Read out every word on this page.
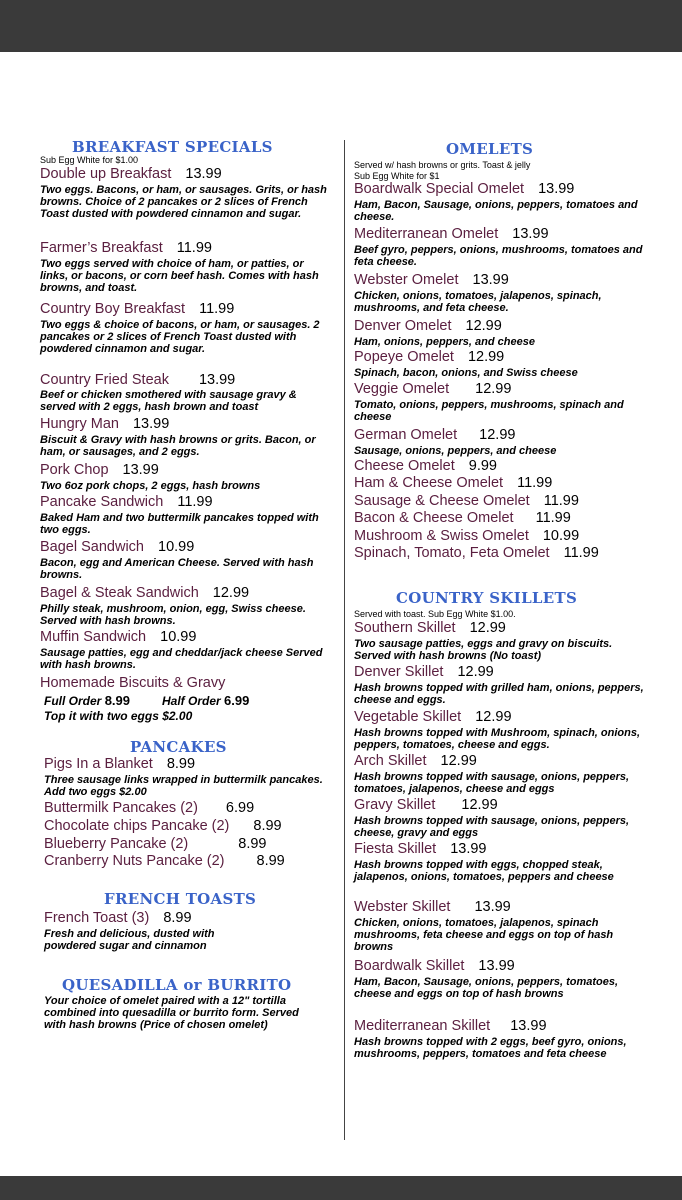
BREAKFAST SPECIALS
Sub Egg White for $1.00
Double up Breakfast 13.99
Two eggs. Bacons, or ham, or sausages. Grits, or hash browns. Choice of 2 pancakes or 2 slices of French Toast dusted with powdered cinnamon and sugar.
Farmer’s Breakfast 11.99
Two eggs served with choice of ham, or patties, or links, or bacons, or corn beef hash. Comes with hash browns, and toast.
Country Boy Breakfast 11.99
Two eggs & choice of bacons, or ham, or sausages. 2 pancakes or 2 slices of French Toast dusted with powdered cinnamon and sugar.
Country Fried Steak 13.99
Beef or chicken smothered with sausage gravy & served with 2 eggs, hash brown and toast
Hungry Man 13.99
Biscuit & Gravy with hash browns or grits. Bacon, or ham, or sausages, and 2 eggs.
Pork Chop 13.99
Two 6oz pork chops, 2 eggs, hash browns
Pancake Sandwich 11.99
Baked Ham and two buttermilk pancakes topped with two eggs.
Bagel Sandwich 10.99
Bacon, egg and American Cheese. Served with hash browns.
Bagel & Steak Sandwich 12.99
Philly steak, mushroom, onion, egg, Swiss cheese. Served with hash browns.
Muffin Sandwich 10.99
Sausage patties, egg and cheddar/jack cheese Served with hash browns.
Homemade Biscuits & Gravy
Full Order 8.99	Half Order 6.99
Top it with two eggs $2.00
PANCAKES
Pigs In a Blanket 8.99
Three sausage links wrapped in buttermilk pancakes. Add two eggs $2.00
Buttermilk Pancakes (2) 6.99
Chocolate chips Pancake (2) 8.99
Blueberry Pancake (2)	8.99
Cranberry Nuts Pancake (2) 8.99
FRENCH TOASTS
French Toast (3) 8.99
Fresh and delicious, dusted with powdered sugar and cinnamon
QUESADILLA or BURRITO
Your choice of omelet paired with a 12" tortilla combined into quesadilla or burrito form. Served with hash browns (Price of chosen omelet)
OMELETS
Served w/ hash browns or grits. Toast & jelly
Sub Egg White for $1
Boardwalk Special Omelet 13.99
Ham, Bacon, Sausage, onions, peppers, tomatoes and cheese.
Mediterranean Omelet 13.99
Beef gyro, peppers, onions, mushrooms, tomatoes and feta cheese.
Webster Omelet 13.99
Chicken, onions, tomatoes, jalapenos, spinach, mushrooms, and feta cheese.
Denver Omelet 12.99
Ham, onions, peppers, and cheese
Popeye Omelet 12.99
Spinach, bacon, onions, and Swiss cheese
Veggie Omelet 12.99
Tomato, onions, peppers, mushrooms, spinach and cheese
German Omelet 12.99
Sausage, onions, peppers, and cheese
Cheese Omelet 9.99
Ham & Cheese Omelet 11.99
Sausage & Cheese Omelet 11.99
Bacon & Cheese Omelet 11.99
Mushroom & Swiss Omelet 10.99
Spinach, Tomato, Feta Omelet 11.99
COUNTRY SKILLETS
Served with toast. Sub Egg White $1.00.
Southern Skillet 12.99
Two sausage patties, eggs and gravy on biscuits. Served with hash browns (No toast)
Denver Skillet 12.99
Hash browns topped with grilled ham, onions, peppers, cheese and eggs.
Vegetable Skillet 12.99
Hash browns topped with Mushroom, spinach, onions, peppers, tomatoes, cheese and eggs.
Arch Skillet 12.99
Hash browns topped with sausage, onions, peppers, tomatoes, jalapenos, cheese and eggs
Gravy Skillet 12.99
Hash browns topped with sausage, onions, peppers, cheese, gravy and eggs
Fiesta Skillet 13.99
Hash browns topped with eggs, chopped steak, jalapenos, onions, tomatoes, peppers and cheese
Webster Skillet 13.99
Chicken, onions, tomatoes, jalapenos, spinach mushrooms, feta cheese and eggs on top of hash browns
Boardwalk Skillet 13.99
Ham, Bacon, Sausage, onions, peppers, tomatoes, cheese and eggs on top of hash browns
Mediterranean Skillet 13.99
Hash browns topped with 2 eggs, beef gyro, onions, mushrooms, peppers, tomatoes and feta cheese
